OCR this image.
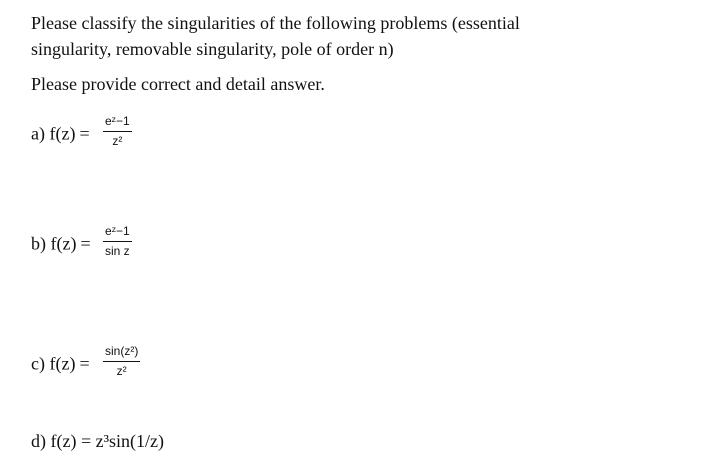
Please classify the singularities of the following problems (essential
singularity, removable singularity, pole of order n)
Please provide correct and detail answer.
a) f(z) =
eᶻ−1
z²
b) f(z) =
eᶻ−1
sin z
c) f(z) =
sin(z²)
z²
d) f(z) = z³sin(1/z)
